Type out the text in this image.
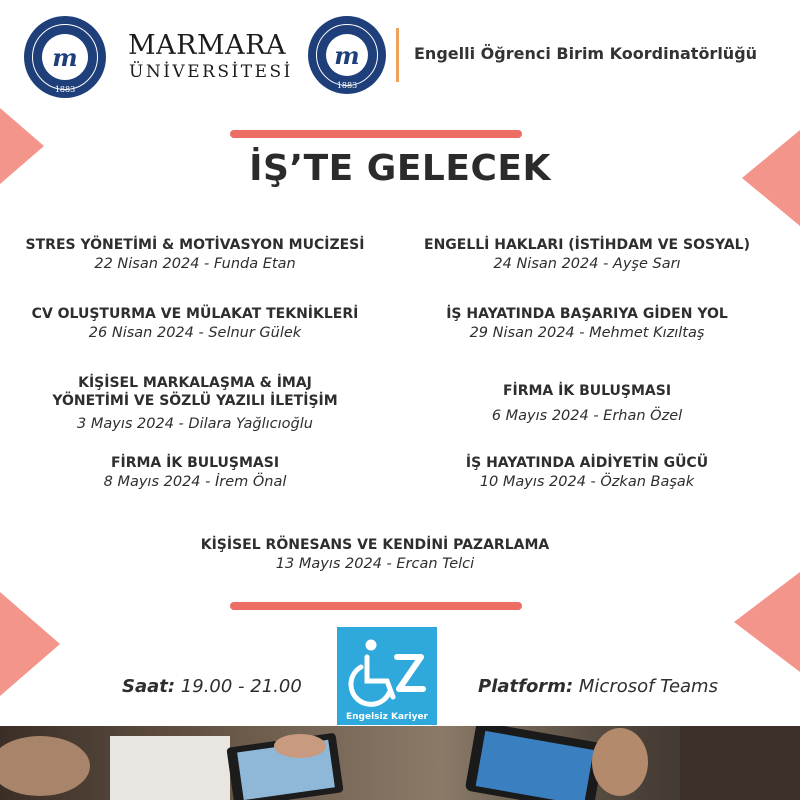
m
1883
MARMARA
ÜNİVERSİTESİ
m
1883
Engelli Öğrenci Birim Koordinatörlüğü
İŞ’TE GELECEK
STRES YÖNETİMİ & MOTİVASYON MUCİZESİ
22 Nisan 2024 - Funda Etan
ENGELLİ HAKLARI (İSTİHDAM VE SOSYAL)
24 Nisan 2024 - Ayşe Sarı
CV OLUŞTURMA VE MÜLAKAT TEKNİKLERİ
26 Nisan 2024 - Selnur Gülek
İŞ HAYATINDA BAŞARIYA GİDEN YOL
29 Nisan 2024 - Mehmet Kızıltaş
KİŞİSEL MARKALAŞMA & İMAJ
YÖNETİMİ VE SÖZLÜ YAZILI İLETİŞİM
3 Mayıs 2024 - Dilara Yağlıcıoğlu
FİRMA İK BULUŞMASI
6 Mayıs 2024 - Erhan Özel
FİRMA İK BULUŞMASI
8 Mayıs 2024 - İrem Önal
İŞ HAYATINDA AİDİYETİN GÜCÜ
10 Mayıs 2024 - Özkan Başak
KİŞİSEL RÖNESANS VE KENDİNİ PAZARLAMA
13 Mayıs 2024 - Ercan Telci
Saat: 19.00 - 21.00
Engelsiz Kariyer
Platform: Microsof Teams
